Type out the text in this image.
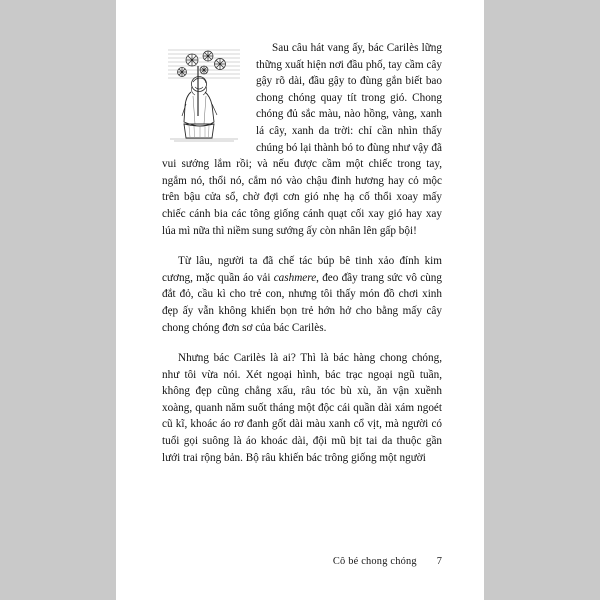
Sau câu hát vang ấy, bác Carilès lững thững xuất hiện nơi đầu phố, tay cầm cây gậy rõ dài, đầu gậy to đùng gắn biết bao chong chóng quay tít trong gió. Chong chóng đủ sắc màu, nào hồng, vàng, xanh lá cây, xanh da trời: chỉ cần nhìn thấy chúng bó lại thành bó to đùng như vậy đã vui sướng lắm rồi; và nếu được cầm một chiếc trong tay, ngắm nó, thổi nó, cắm nó vào chậu đinh hương hay cỏ mộc trên bậu cửa sổ, chờ đợi cơn gió nhẹ hạ cố thổi xoay mấy chiếc cánh bia các tông giống cánh quạt cối xay gió hay xay lúa mì nữa thì niềm sung sướng ấy còn nhân lên gấp bội!

Từ lâu, người ta đã chế tác búp bê tinh xảo đính kim cương, mặc quần áo vải cashmere, đeo đầy trang sức vô cùng đắt đỏ, cầu kì cho trẻ con, nhưng tôi thấy món đồ chơi xinh đẹp ấy vẫn không khiến bọn trẻ hớn hở cho bằng mấy cây chong chóng đơn sơ của bác Carilès.

Nhưng bác Carilès là ai? Thì là bác hàng chong chóng, như tôi vừa nói. Xét ngoại hình, bác trạc ngoại ngũ tuần, không đẹp cũng chẳng xấu, râu tóc bù xù, ăn vận xuềnh xoàng, quanh năm suốt tháng một độc cái quần dài xám ngoét cũ kĩ, khoác áo rơ đanh gốt dài màu xanh cổ vịt, mà người có tuổi gọi suông là áo khoác dài, đội mũ bịt tai da thuộc gần lưới trai rộng bản. Bộ râu khiến bác trông giống một người

Cô bé chong chóng 7
